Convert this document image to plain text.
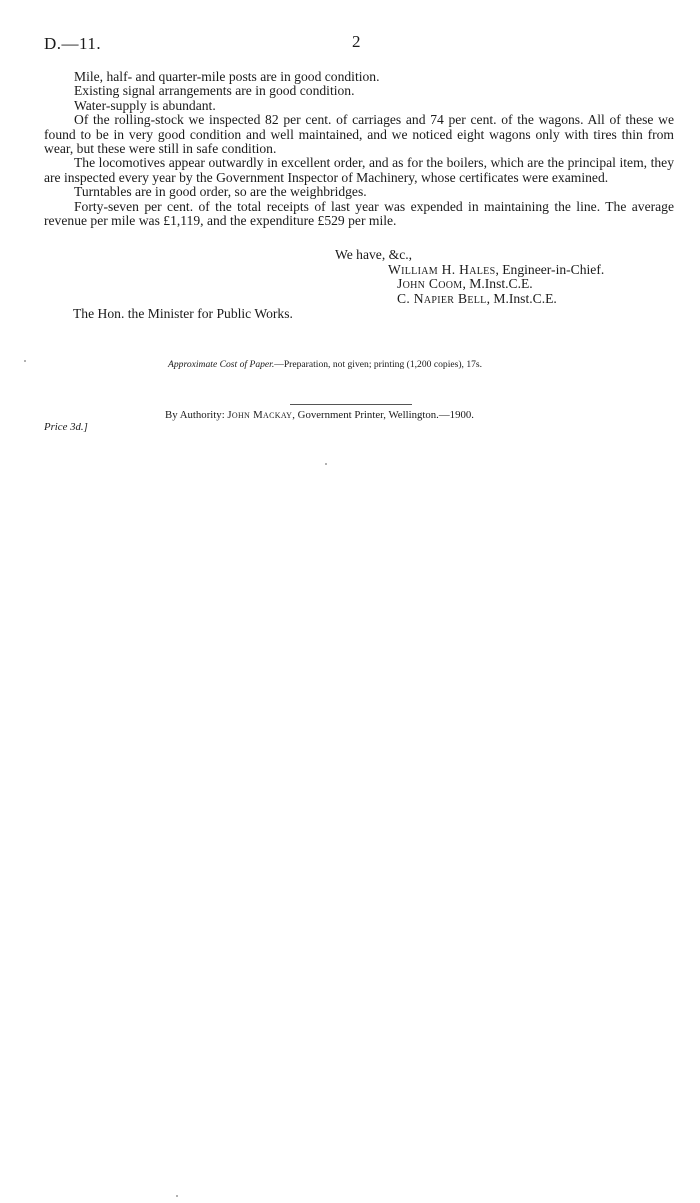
D.—11.	2

Mile, half- and quarter-mile posts are in good condition.

Existing signal arrangements are in good condition.

Water-supply is abundant.

Of the rolling-stock we inspected 82 per cent. of carriages and 74 per cent. of the wagons. All of these we found to be in very good condition and well maintained, and we noticed eight wagons only with tires thin from wear, but these were still in safe condition.

The locomotives appear outwardly in excellent order, and as for the boilers, which are the principal item, they are inspected every year by the Government Inspector of Machinery, whose certificates were examined.

Turntables are in good order, so are the weighbridges.

Forty-seven per cent. of the total receipts of last year was expended in maintaining the line. The average revenue per mile was £1,119, and the expenditure £529 per mile.

We have, &c.,
William H. Hales, Engineer-in-Chief.
John Coom, M.Inst.C.E.
C. Napier Bell, M.Inst.C.E.
The Hon. the Minister for Public Works.
Approximate Cost of Paper.—Preparation, not given; printing (1,200 copies), 17s.
By Authority: John Mackay, Government Printer, Wellington.—1900.
Price 3d.]
